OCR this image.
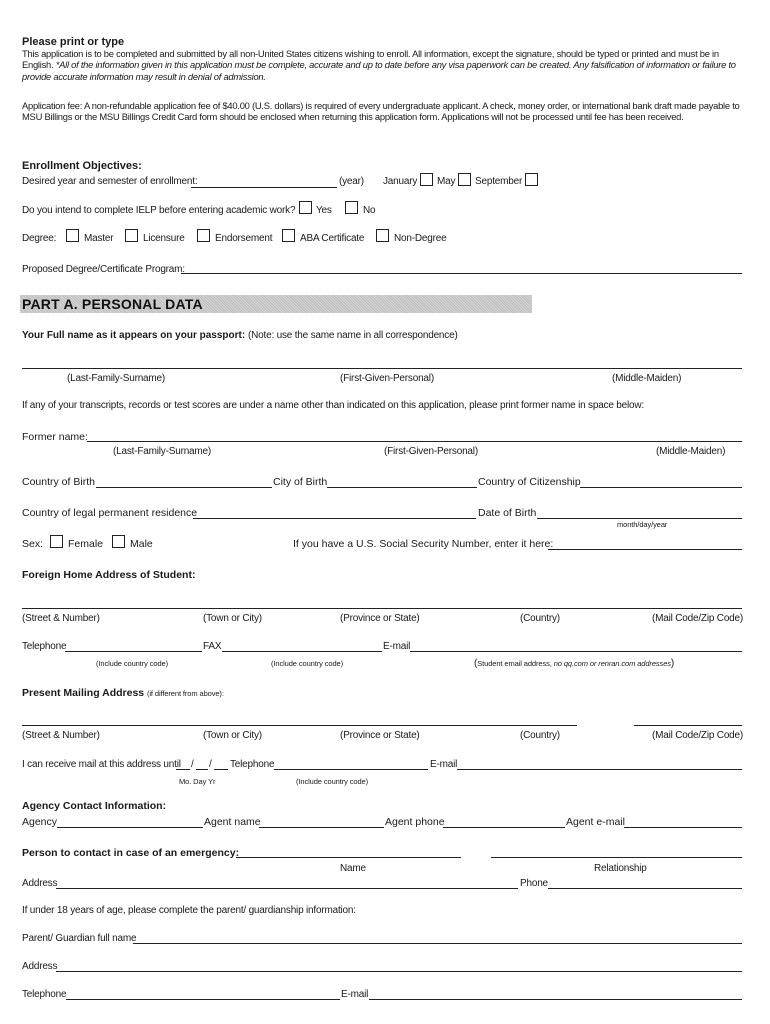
Please print or type
This application is to be completed and submitted by all non-United States citizens wishing to enroll. All information, except the signature, should be typed or printed and must be in English. *All of the information given in this application must be complete, accurate and up to date before any visa paperwork can be created. Any falsification of information or failure to provide accurate information may result in denial of admission.
Application fee: A non-refundable application fee of $40.00 (U.S. dollars) is required of every undergraduate applicant. A check, money order, or international bank draft made payable to MSU Billings or the MSU Billings Credit Card form should be enclosed when returning this application form. Applications will not be processed until fee has been received.
Enrollment Objectives:
Desired year and semester of enrollment:	(year) January May September
Do you intend to complete IELP before entering academic work? Yes	No
Degree:	Master	Licensure	Endorsement	ABA Certificate	Non-Degree
Proposed Degree/Certificate Program:
PART A. PERSONAL DATA
Your Full name as it appears on your passport: (Note: use the same name in all correspondence)
(Last-Family-Surname)	(First-Given-Personal)	(Middle-Maiden)
If any of your transcripts, records or test scores are under a name other than indicated on this application, please print former name in space below:
Former name:
(Last-Family-Surname)	(First-Given-Personal)	(Middle-Maiden)
Country of Birth	City of Birth	Country of Citizenship
Country of legal permanent residence	Date of Birth
month/day/year
Sex: Female	Male	If you have a U.S. Social Security Number, enter it here:
Foreign Home Address of Student:
(Street & Number)	(Town or City)	(Province or State)	(Country)	(Mail Code/Zip Code)
Telephone	FAX	E-mail
(Include country code)	(Include country code)	(Student email address, no qq.com or renran.com addresses)
Present Mailing Address (if different from above):
(Street & Number)	(Town or City)	(Province or State)	(Country)	(Mail Code/Zip Code)
I can receive mail at this address until / / Telephone	E-mail
Mo. Day Yr	(Include country code)
Agency Contact Information:
Agency	Agent name	Agent phone	Agent e-mail
Person to contact in case of an emergency:
Name	Relationship
Address	Phone
If under 18 years of age, please complete the parent/ guardianship information:
Parent/ Guardian full name
Address
Telephone	E-mail
